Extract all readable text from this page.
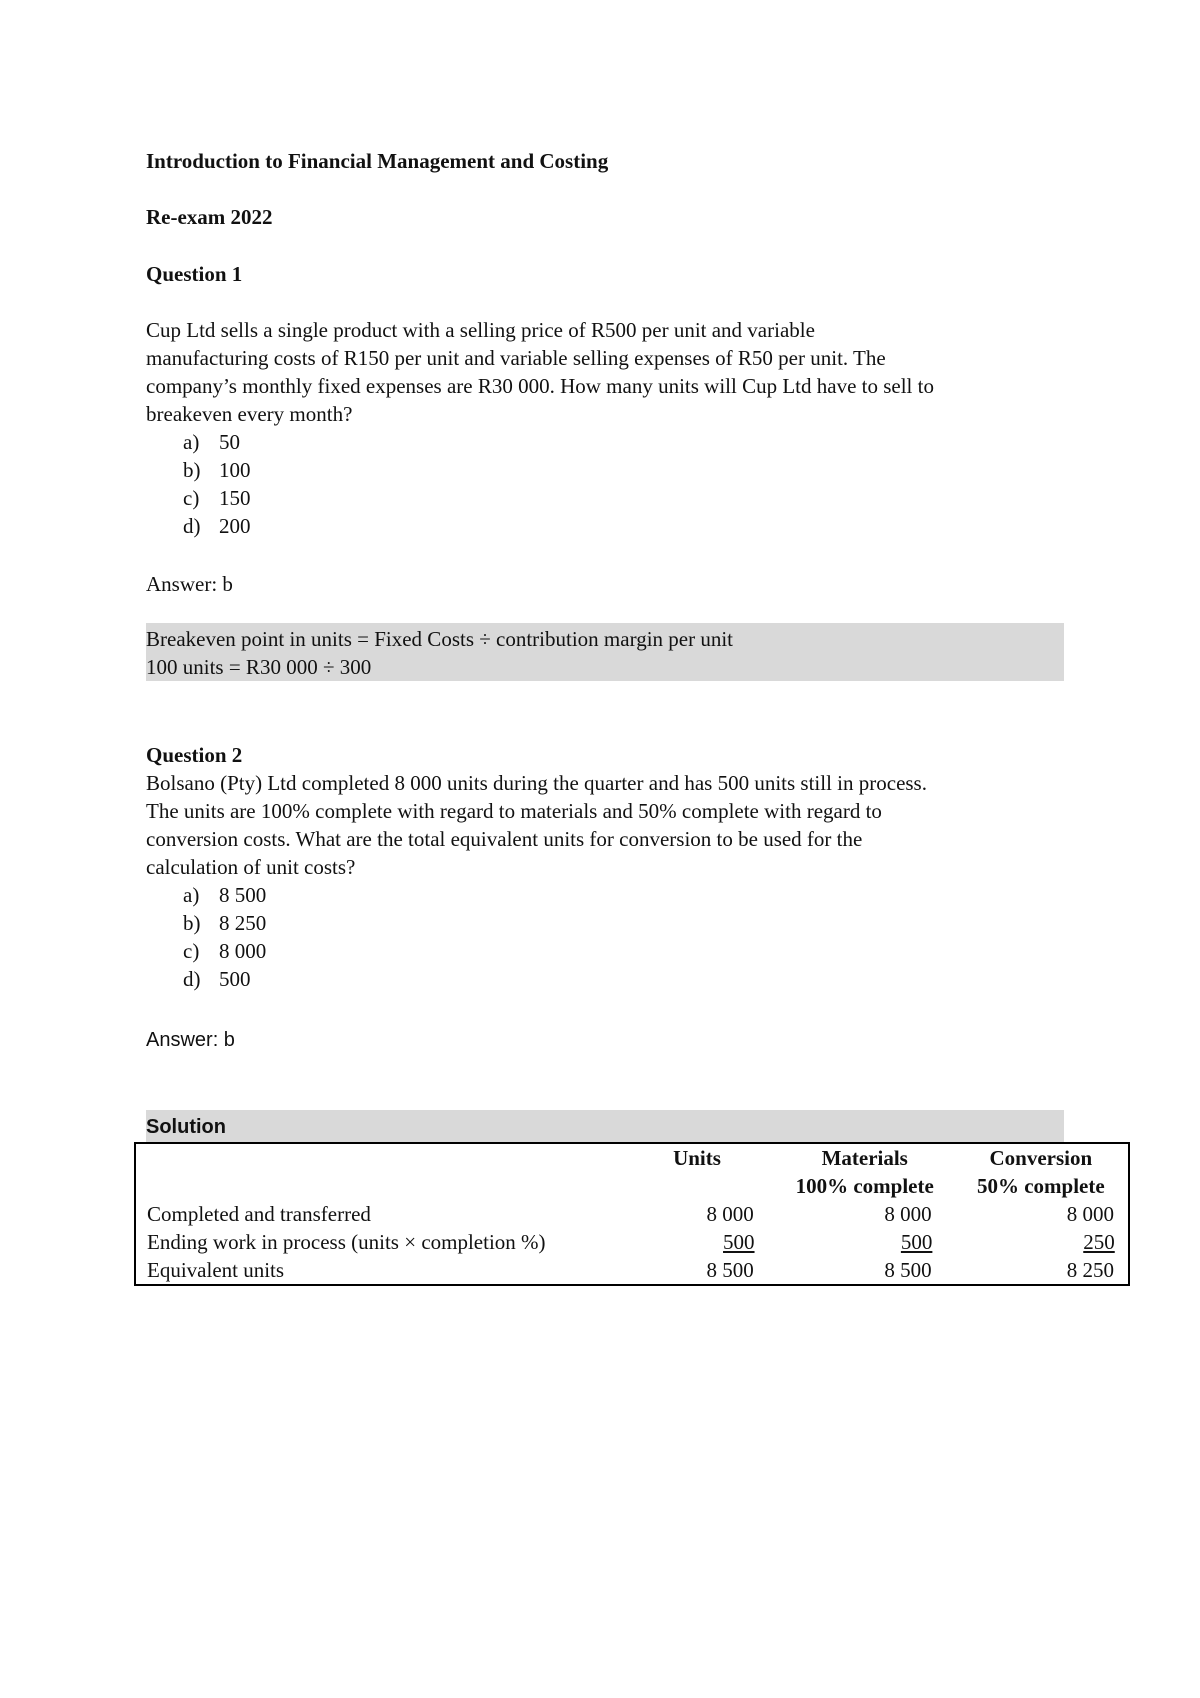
Introduction to Financial Management and Costing
Re-exam 2022
Question 1
Cup Ltd sells a single product with a selling price of R500 per unit and variable
manufacturing costs of R150 per unit and variable selling expenses of R50 per unit. The
company’s monthly fixed expenses are R30 000. How many units will Cup Ltd have to sell to
breakeven every month?
a) 50
b) 100
c) 150
d) 200
Answer: b
Breakeven point in units = Fixed Costs ÷ contribution margin per unit
100 units = R30 000 ÷ 300
Question 2
Bolsano (Pty) Ltd completed 8 000 units during the quarter and has 500 units still in process.
The units are 100% complete with regard to materials and 50% complete with regard to
conversion costs. What are the total equivalent units for conversion to be used for the
calculation of unit costs?
a) 8 500
b) 8 250
c) 8 000
d) 500
Answer: b
Solution
	Units	Materials	Conversion
		100% complete	50% complete
Completed and transferred	8 000	8 000	8 000
Ending work in process (units × completion %)	500	500	250
Equivalent units	8 500	8 500	8 250
